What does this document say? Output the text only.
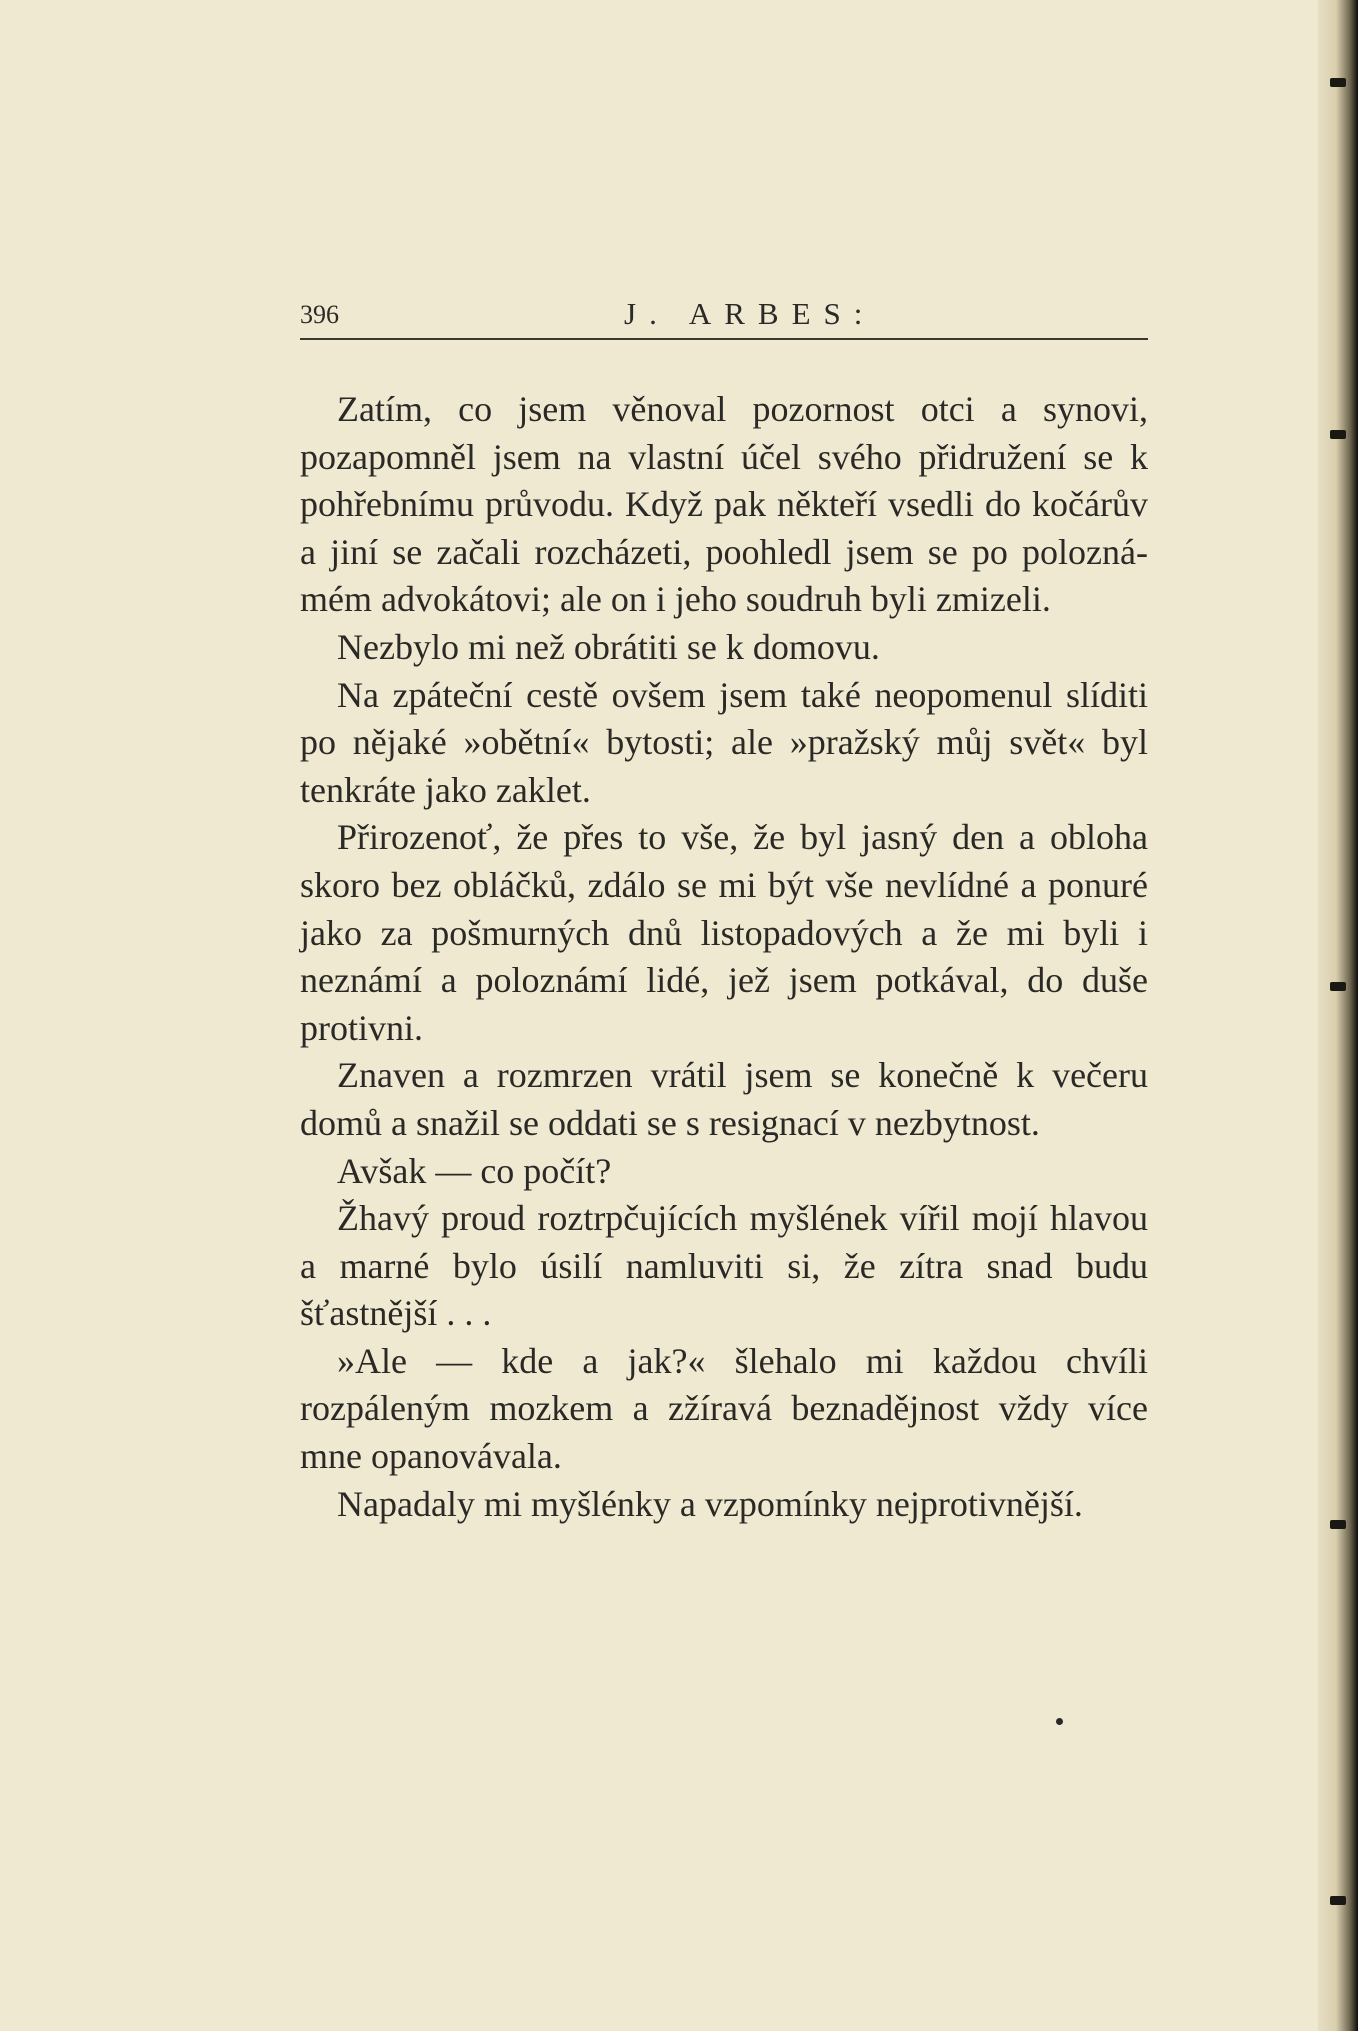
396	J. ARBES:

Zatím, co jsem věnoval pozornost otci a synovi, pozapomněl jsem na vlastní účel svého přidružení se k pohřebnímu průvodu. Když pak někteří vsedli do kočárův a jiní se začali rozcházeti, poohledl jsem se po poloznámém advokátovi; ale on i jeho soudruh byli zmizeli.

Nezbylo mi než obrátiti se k domovu.

Na zpáteční cestě ovšem jsem také neopomenul slíditi po nějaké »obětní« bytosti; ale »pražský můj svět« byl tenkráte jako zaklet.

Přirozenoť, že přes to vše, že byl jasný den a obloha skoro bez obláčků, zdálo se mi být vše nevlídné a ponuré jako za pošmurných dnů listopadových a že mi byli i neznámí a poloznámí lidé, jež jsem potkával, do duše protivni.

Znaven a rozmrzen vrátil jsem se konečně k večeru domů a snažil se oddati se s resignací v nezbytnost.

Avšak — co počít?

Žhavý proud roztrpčujících myšlének vířil mojí hlavou a marné bylo úsilí namluviti si, že zítra snad budu šťastnější . . .

»Ale — kde a jak?« šlehalo mi každou chvíli rozpáleným mozkem a zžíravá beznadějnost vždy více mne opanovávala.

Napadaly mi myšlénky a vzpomínky nejprotivnější.
